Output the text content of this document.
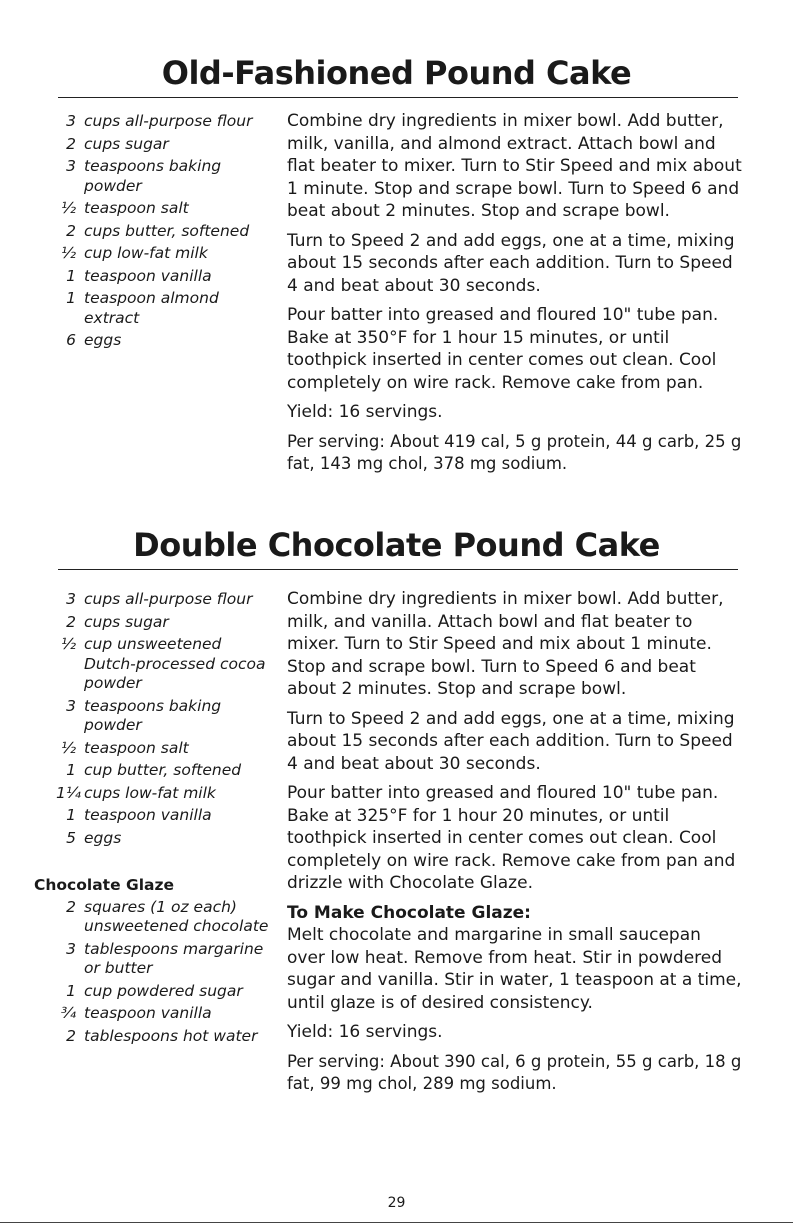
Old-Fashioned Pound Cake
3 cups all-purpose flour
2 cups sugar
3 teaspoons baking powder
½ teaspoon salt
2 cups butter, softened
½ cup low-fat milk
1 teaspoon vanilla
1 teaspoon almond extract
6 eggs

Combine dry ingredients in mixer bowl. Add butter, milk, vanilla, and almond extract. Attach bowl and flat beater to mixer. Turn to Stir Speed and mix about 1 minute. Stop and scrape bowl. Turn to Speed 6 and beat about 2 minutes. Stop and scrape bowl.

Turn to Speed 2 and add eggs, one at a time, mixing about 15 seconds after each addition. Turn to Speed 4 and beat about 30 seconds.

Pour batter into greased and floured 10" tube pan. Bake at 350°F for 1 hour 15 minutes, or until toothpick inserted in center comes out clean. Cool completely on wire rack. Remove cake from pan.

Yield: 16 servings.

Per serving: About 419 cal, 5 g protein, 44 g carb, 25 g fat, 143 mg chol, 378 mg sodium.

Double Chocolate Pound Cake
3 cups all-purpose flour
2 cups sugar
½ cup unsweetened Dutch-processed cocoa powder
3 teaspoons baking powder
½ teaspoon salt
1 cup butter, softened
1¼ cups low-fat milk
1 teaspoon vanilla
5 eggs
Chocolate Glaze
2 squares (1 oz each) unsweetened chocolate
3 tablespoons margarine or butter
1 cup powdered sugar
¾ teaspoon vanilla
2 tablespoons hot water

Combine dry ingredients in mixer bowl. Add butter, milk, and vanilla. Attach bowl and flat beater to mixer. Turn to Stir Speed and mix about 1 minute. Stop and scrape bowl. Turn to Speed 6 and beat about 2 minutes. Stop and scrape bowl.

Turn to Speed 2 and add eggs, one at a time, mixing about 15 seconds after each addition. Turn to Speed 4 and beat about 30 seconds.

Pour batter into greased and floured 10" tube pan. Bake at 325°F for 1 hour 20 minutes, or until toothpick inserted in center comes out clean. Cool completely on wire rack. Remove cake from pan and drizzle with Chocolate Glaze.

To Make Chocolate Glaze:

Melt chocolate and margarine in small saucepan over low heat. Remove from heat. Stir in powdered sugar and vanilla. Stir in water, 1 teaspoon at a time, until glaze is of desired consistency.

Yield: 16 servings.

Per serving: About 390 cal, 6 g protein, 55 g carb, 18 g fat, 99 mg chol, 289 mg sodium.

29
